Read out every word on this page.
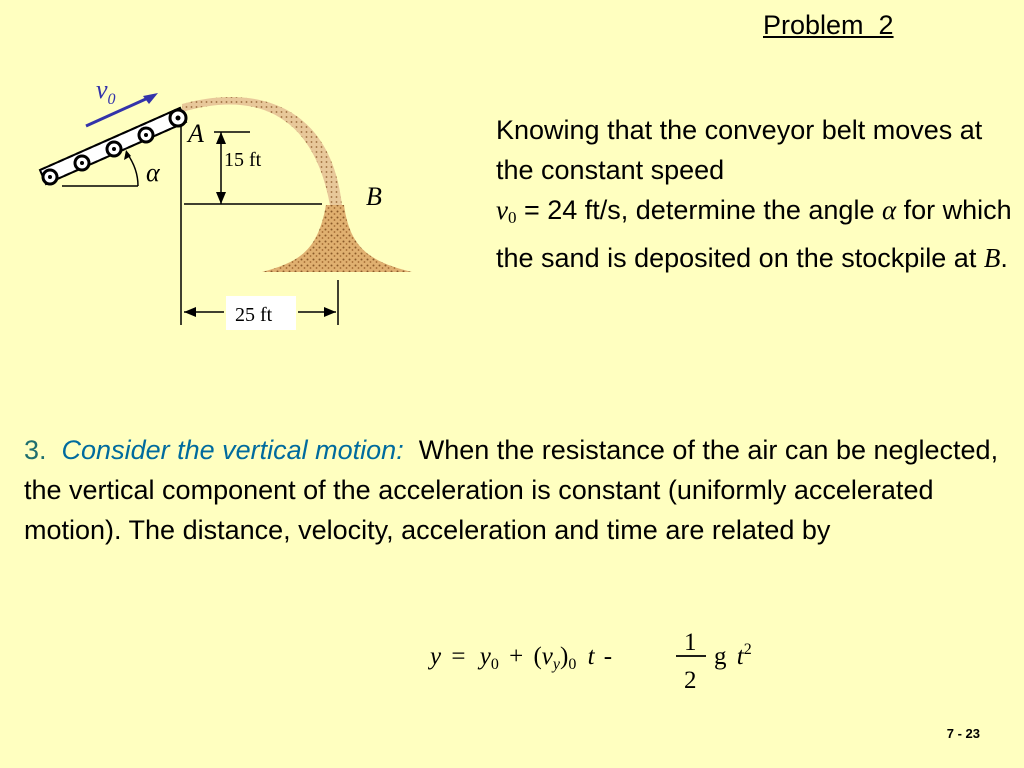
Problem  2
$v_0$
α
A
B
15 ft
25 ft
Knowing that the conveyor belt moves at the constant speed
$v_0 = 24$ ft/s, determine the angle α for which the sand is deposited on the stockpile at B.
3. Consider the vertical motion: When the resistance of the air can be neglected, the vertical component of the acceleration is constant (uniformly accelerated motion). The distance, velocity, acceleration and time are related by
$y = y_0 + (v_y)_0$ t -
1
2
g $t^2$
7 - 23
